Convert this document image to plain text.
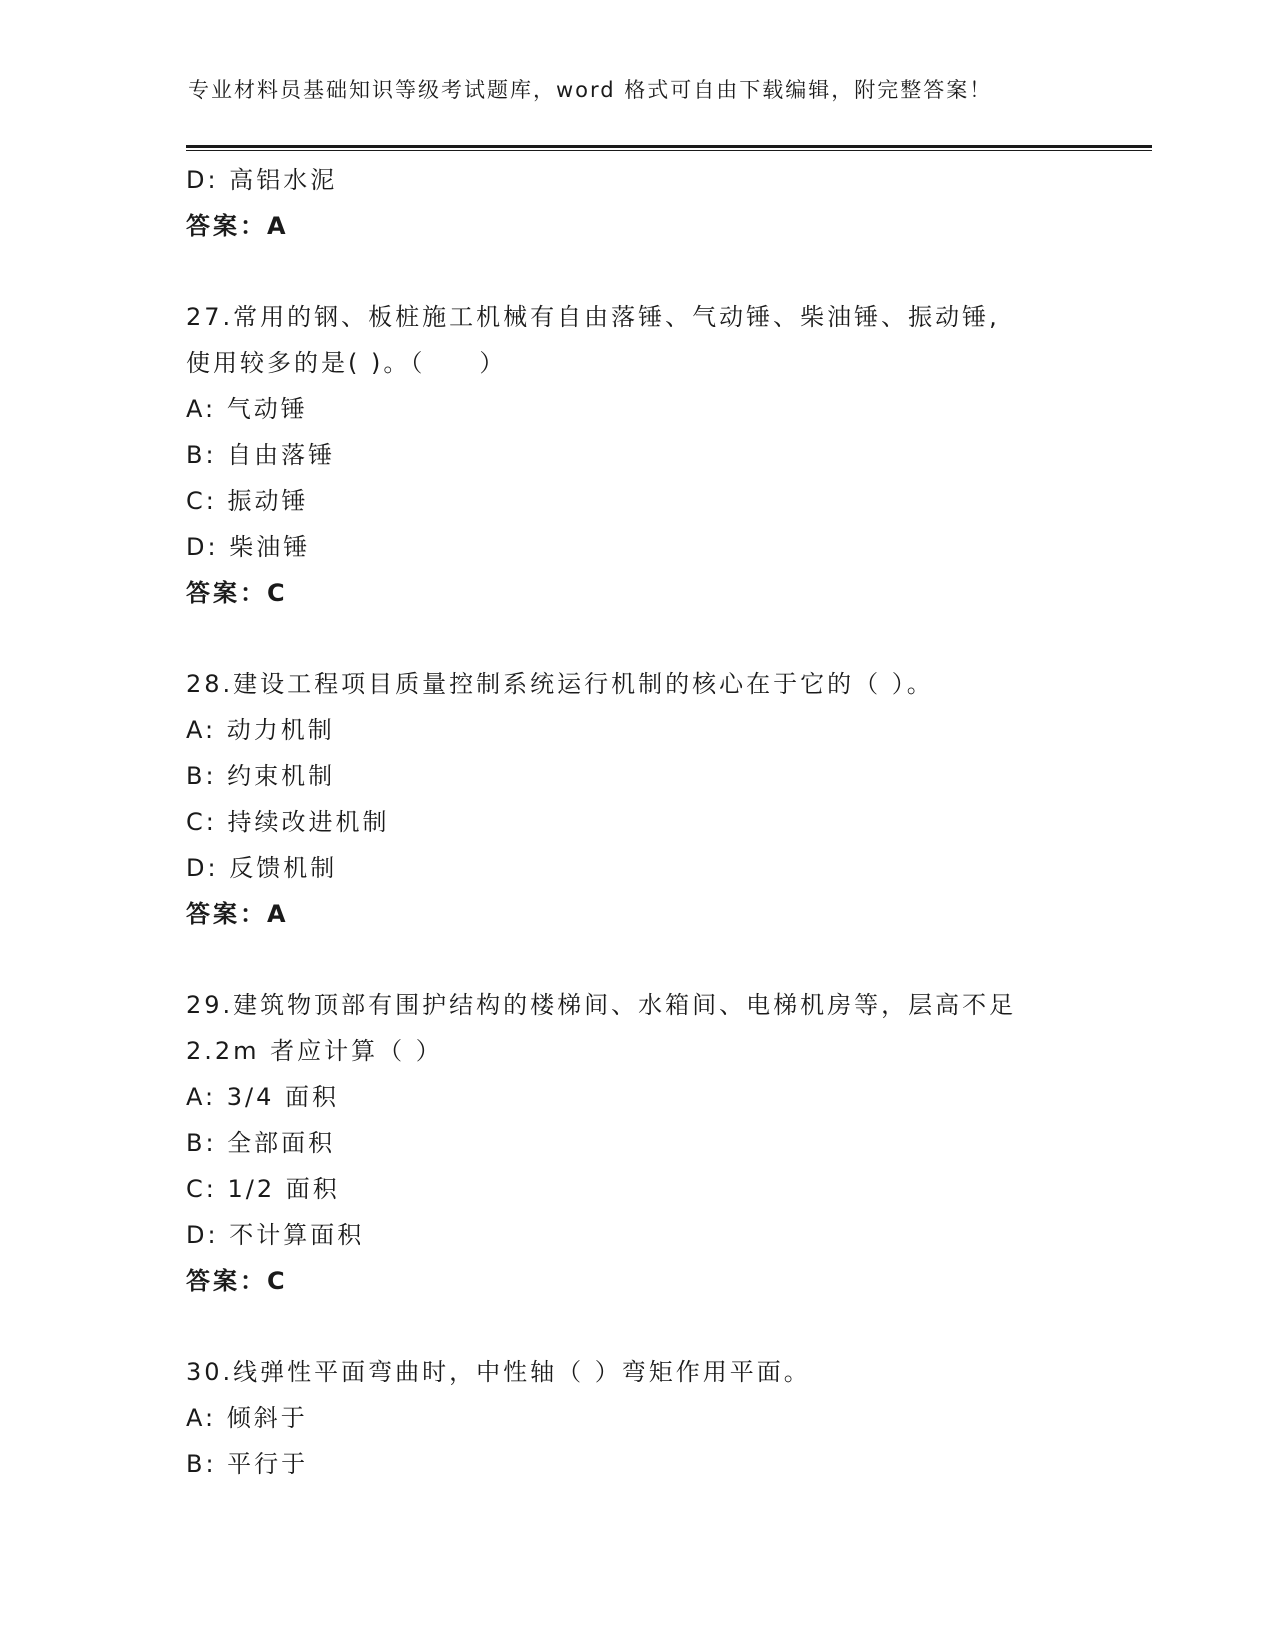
专业材料员基础知识等级考试题库，word 格式可自由下载编辑，附完整答案！
D: 高铝水泥
答案：A
27.常用的钢、板桩施工机械有自由落锤、气动锤、柴油锤、振动锤,
使用较多的是( )。（　　）
A: 气动锤
B: 自由落锤
C: 振动锤
D: 柴油锤
答案：C
28.建设工程项目质量控制系统运行机制的核心在于它的（ ）。
A: 动力机制
B: 约束机制
C: 持续改进机制
D: 反馈机制
答案：A
29.建筑物顶部有围护结构的楼梯间、水箱间、电梯机房等，层高不足
2.2m 者应计算（ ）
A: 3/4 面积
B: 全部面积
C: 1/2 面积
D: 不计算面积
答案：C
30.线弹性平面弯曲时，中性轴（ ）弯矩作用平面。
A: 倾斜于
B: 平行于
